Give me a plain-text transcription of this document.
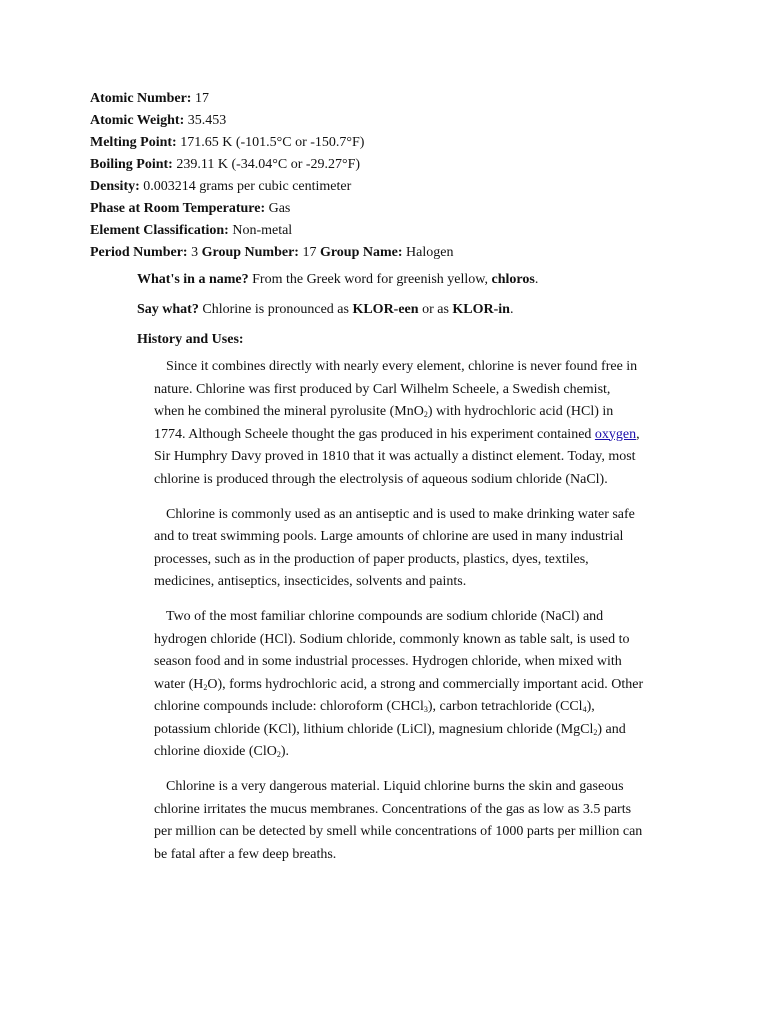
Atomic Number: 17
Atomic Weight: 35.453
Melting Point: 171.65 K (-101.5°C or -150.7°F)
Boiling Point: 239.11 K (-34.04°C or -29.27°F)
Density: 0.003214 grams per cubic centimeter
Phase at Room Temperature: Gas
Element Classification: Non-metal
Period Number: 3 Group Number: 17 Group Name: Halogen

What's in a name? From the Greek word for greenish yellow, chloros.

Say what? Chlorine is pronounced as KLOR-een or as KLOR-in.

History and Uses:

Since it combines directly with nearly every element, chlorine is never found free in nature. Chlorine was first produced by Carl Wilhelm Scheele, a Swedish chemist, when he combined the mineral pyrolusite (MnO$_2$) with hydrochloric acid (HCl) in 1774. Although Scheele thought the gas produced in his experiment contained oxygen, Sir Humphry Davy proved in 1810 that it was actually a distinct element. Today, most chlorine is produced through the electrolysis of aqueous sodium chloride (NaCl).

Chlorine is commonly used as an antiseptic and is used to make drinking water safe and to treat swimming pools. Large amounts of chlorine are used in many industrial processes, such as in the production of paper products, plastics, dyes, textiles, medicines, antiseptics, insecticides, solvents and paints.

Two of the most familiar chlorine compounds are sodium chloride (NaCl) and hydrogen chloride (HCl). Sodium chloride, commonly known as table salt, is used to season food and in some industrial processes. Hydrogen chloride, when mixed with water $(H_2O)$, forms hydrochloric acid, a strong and commercially important acid. Other chlorine compounds include: chloroform (CHCl$_3$), carbon tetrachloride (CCl$_4$), potassium chloride (KCl), lithium chloride (LiCl), magnesium chloride (MgCl$_2$) and chlorine dioxide (ClO$_2$).

Chlorine is a very dangerous material. Liquid chlorine burns the skin and gaseous chlorine irritates the mucus membranes. Concentrations of the gas as low as 3.5 parts per million can be detected by smell while concentrations of 1000 parts per million can be fatal after a few deep breaths.
